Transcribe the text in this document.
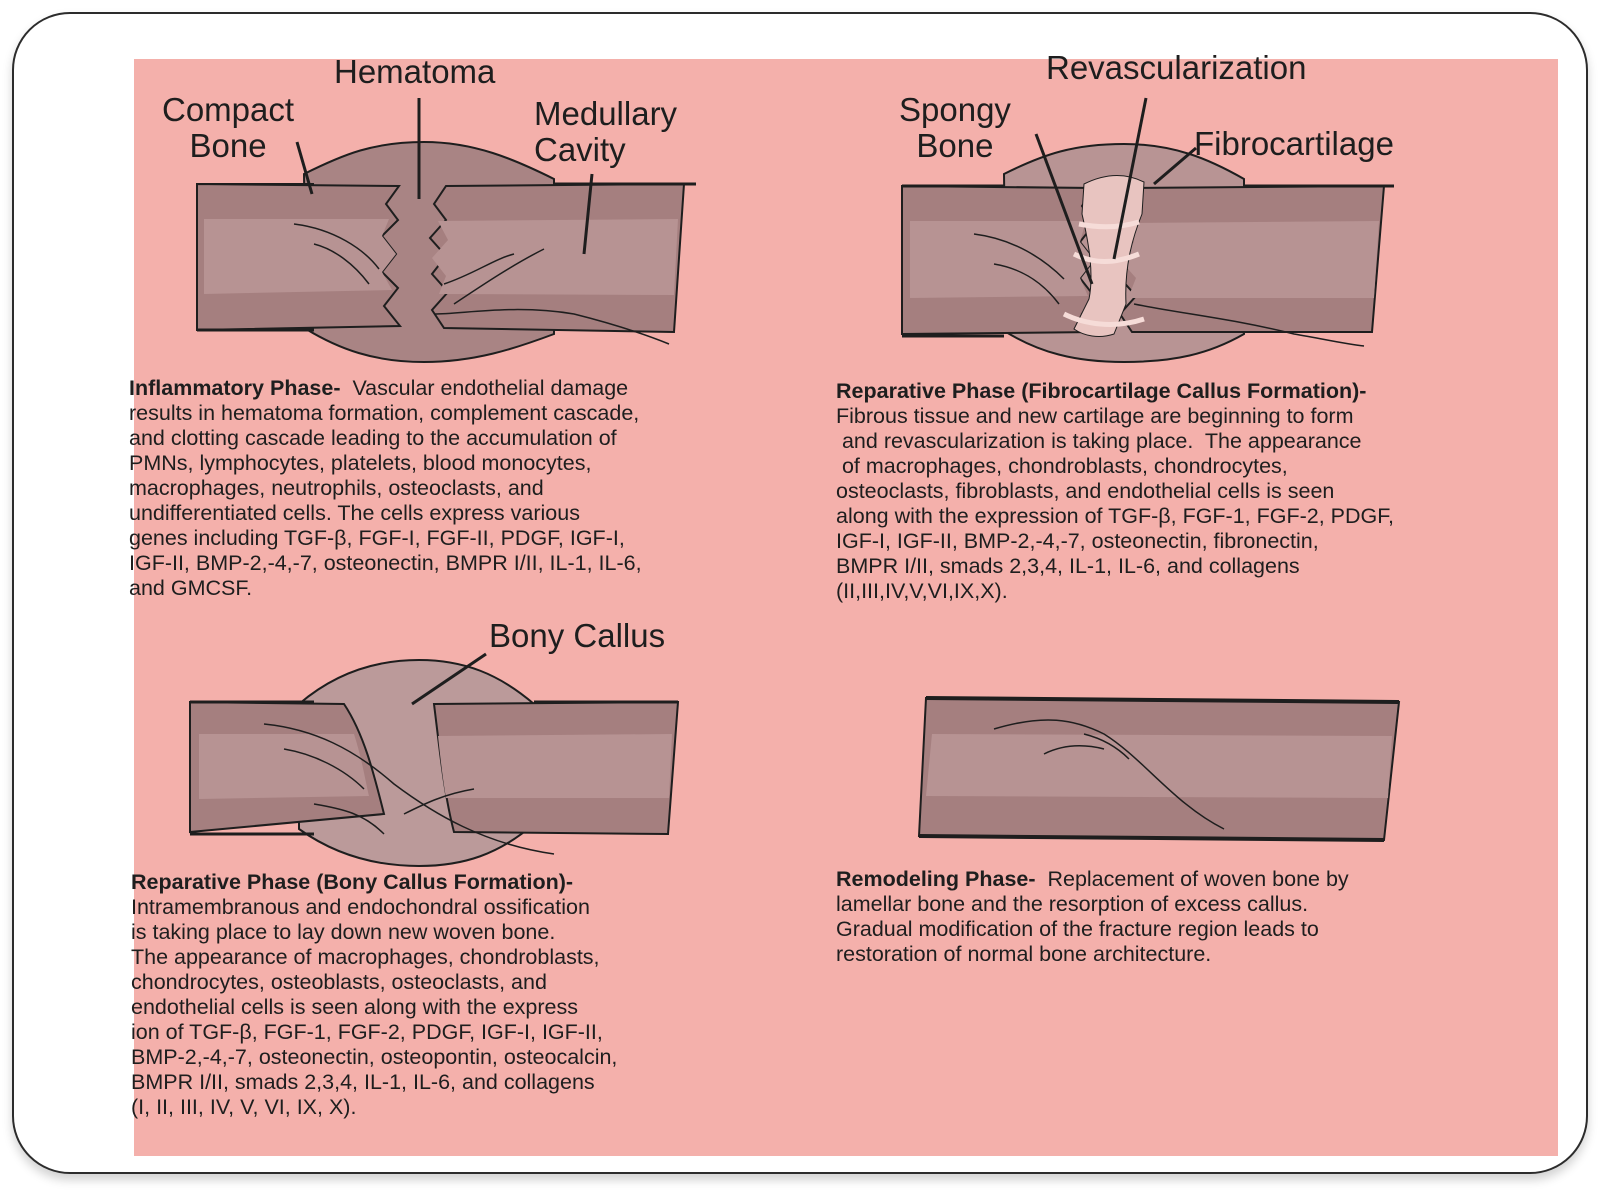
Compact
Bone
Hematoma
Medullary
Cavity
Revascularization
Spongy
Bone	Fibrocartilage
Bony Callus
Inflammatory Phase- Vascular endothelial damage
results in hematoma formation, complement cascade,
and clotting cascade leading to the accumulation of
PMNs, lymphocytes, platelets, blood monocytes,
macrophages, neutrophils, osteoclasts, and
undifferentiated cells. The cells express various
genes including TGF-β, FGF-I, FGF-II, PDGF, IGF-I,
IGF-II, BMP-2,-4,-7, osteonectin, BMPR I/II, IL-1, IL-6,
and GMCSF.
Reparative Phase (Fibrocartilage Callus Formation)-
Fibrous tissue and new cartilage are beginning to form
and revascularization is taking place.  The appearance
of macrophages, chondroblasts, chondrocytes,
osteoclasts, fibroblasts, and endothelial cells is seen
along with the expression of TGF-β, FGF-1, FGF-2, PDGF,
IGF-I, IGF-II, BMP-2,-4,-7, osteonectin, fibronectin,
BMPR I/II, smads 2,3,4, IL-1, IL-6, and collagens
(II,III,IV,V,VI,IX,X).
Reparative Phase (Bony Callus Formation)-
Intramembranous and endochondral ossification
is taking place to lay down new woven bone.
The appearance of macrophages, chondroblasts,
chondrocytes, osteoblasts, osteoclasts, and
endothelial cells is seen along with the express
ion of TGF-β, FGF-1, FGF-2, PDGF, IGF-I, IGF-II,
BMP-2,-4,-7, osteonectin, osteopontin, osteocalcin,
BMPR I/II, smads 2,3,4, IL-1, IL-6, and collagens
(I, II, III, IV, V, VI, IX, X).
Remodeling Phase- Replacement of woven bone by
lamellar bone and the resorption of excess callus.
Gradual modification of the fracture region leads to
restoration of normal bone architecture.
